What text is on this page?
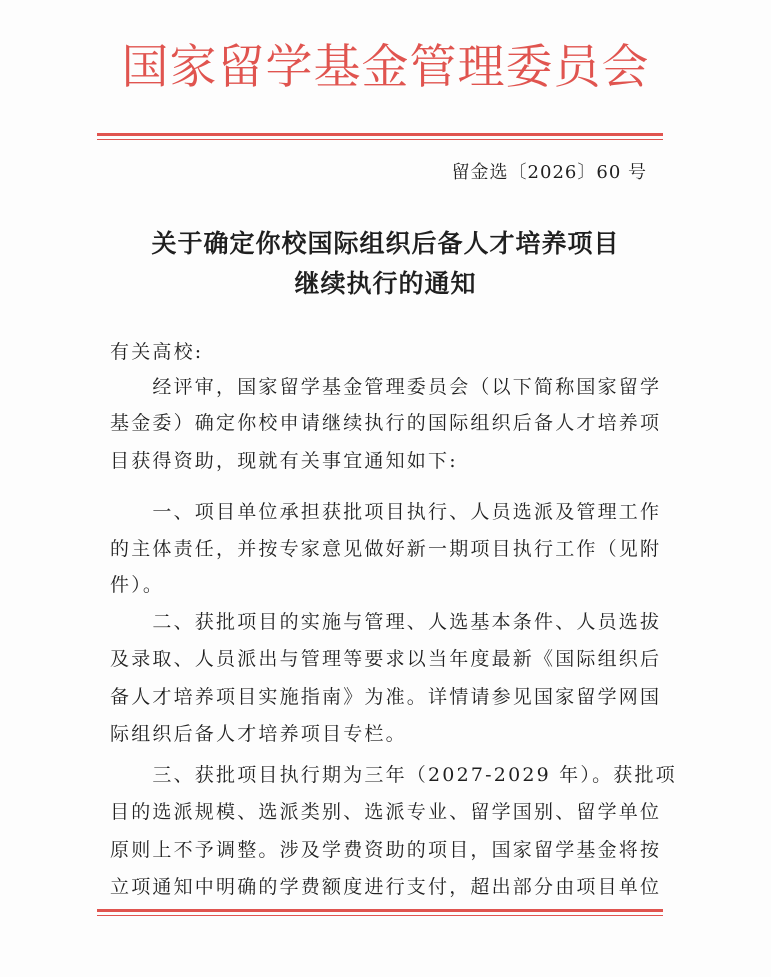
国家留学基金管理委员会
留金选〔2026〕60 号
关于确定你校国际组织后备人才培养项目
继续执行的通知
有关高校:
　　经评审，国家留学基金管理委员会（以下简称国家留学
基金委）确定你校申请继续执行的国际组织后备人才培养项
目获得资助，现就有关事宜通知如下:
　　一、项目单位承担获批项目执行、人员选派及管理工作
的主体责任，并按专家意见做好新一期项目执行工作（见附
件）。
　　二、获批项目的实施与管理、人选基本条件、人员选拔
及录取、人员派出与管理等要求以当年度最新《国际组织后
备人才培养项目实施指南》为准。详情请参见国家留学网国
际组织后备人才培养项目专栏。
　　三、获批项目执行期为三年（2027-2029 年）。获批项
目的选派规模、选派类别、选派专业、留学国别、留学单位
原则上不予调整。涉及学费资助的项目，国家留学基金将按
立项通知中明确的学费额度进行支付，超出部分由项目单位
